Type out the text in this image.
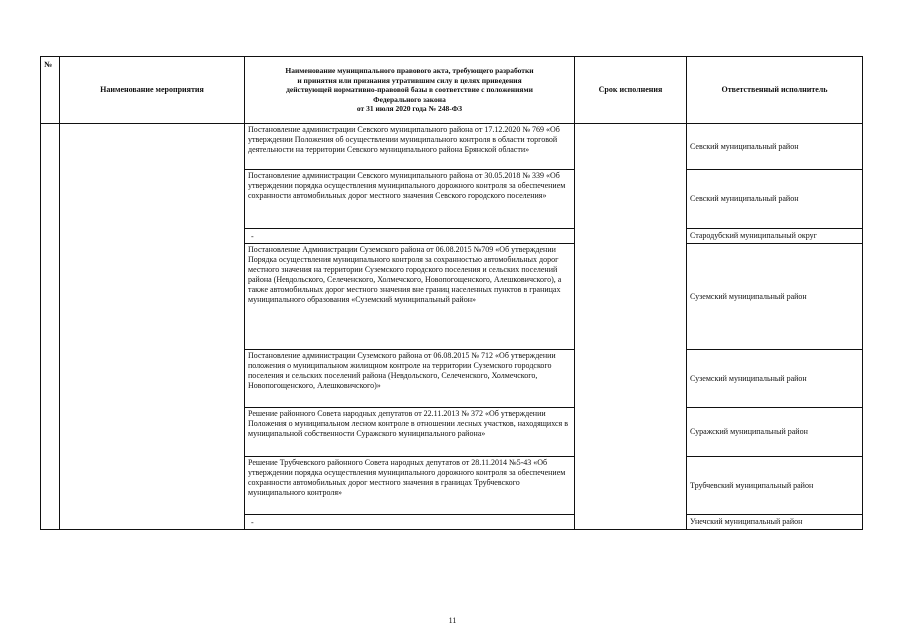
№	Наименование мероприятия	Наименование муниципального правового акта, требующего разработки
и принятия или признания утратившим силу в целях приведения
действующей нормативно-правовой базы в соответствие с положениями
Федерального закона
от 31 июля 2020 года № 248-ФЗ	Срок исполнения	Ответственный исполнитель
		Постановление администрации Севского муниципального района от 17.12.2020 № 769 «Об утверждении Положения об осуществлении муниципального контроля в области торговой деятельности на территории Севского муниципального района Брянской области»		Севский муниципальный район
		Постановление администрации Севского муниципального района от 30.05.2018 № 339 «Об утверждении порядка осуществления муниципального дорожного контроля за обеспечением сохранности автомобильных дорог местного значения Севского городского поселения»		Севский муниципальный район
		-		Стародубский муниципальный округ
		Постановление Администрации Суземского района от 06.08.2015 №709 «Об утверждении Порядка осуществления муниципального контроля за сохранностью автомобильных дорог местного значения на территории Суземского городского поселения и сельских поселений района (Невдольского, Селеченского, Холмечского, Новопогощенского, Алешковичского), а также автомобильных дорог местного значения вне границ населенных пунктов в границах муниципального образования «Суземский муниципальный район»		Суземский муниципальный район
		Постановление администрации Суземского района от 06.08.2015 № 712 «Об утверждении положения о муниципальном жилищном контроле на территории Суземского городского поселения и сельских поселений района (Невдольского, Селеченского, Холмечского, Новопогощенского, Алешковичского)»		Суземский муниципальный район
		Решение районного Совета народных депутатов от 22.11.2013 № 372 «Об утверждении Положения о муниципальном лесном контроле в отношении лесных участков, находящихся в муниципальной собственности Суражского муниципального района»		Суражский муниципальный район
		Решение Трубчевского районного Совета народных депутатов от 28.11.2014 №5-43 «Об утверждении порядка осуществления муниципального дорожного контроля за обеспечением сохранности автомобильных дорог местного значения в границах Трубчевского муниципального контроля»		Трубчевский муниципальный район
		-		Унечский муниципальный район
11
